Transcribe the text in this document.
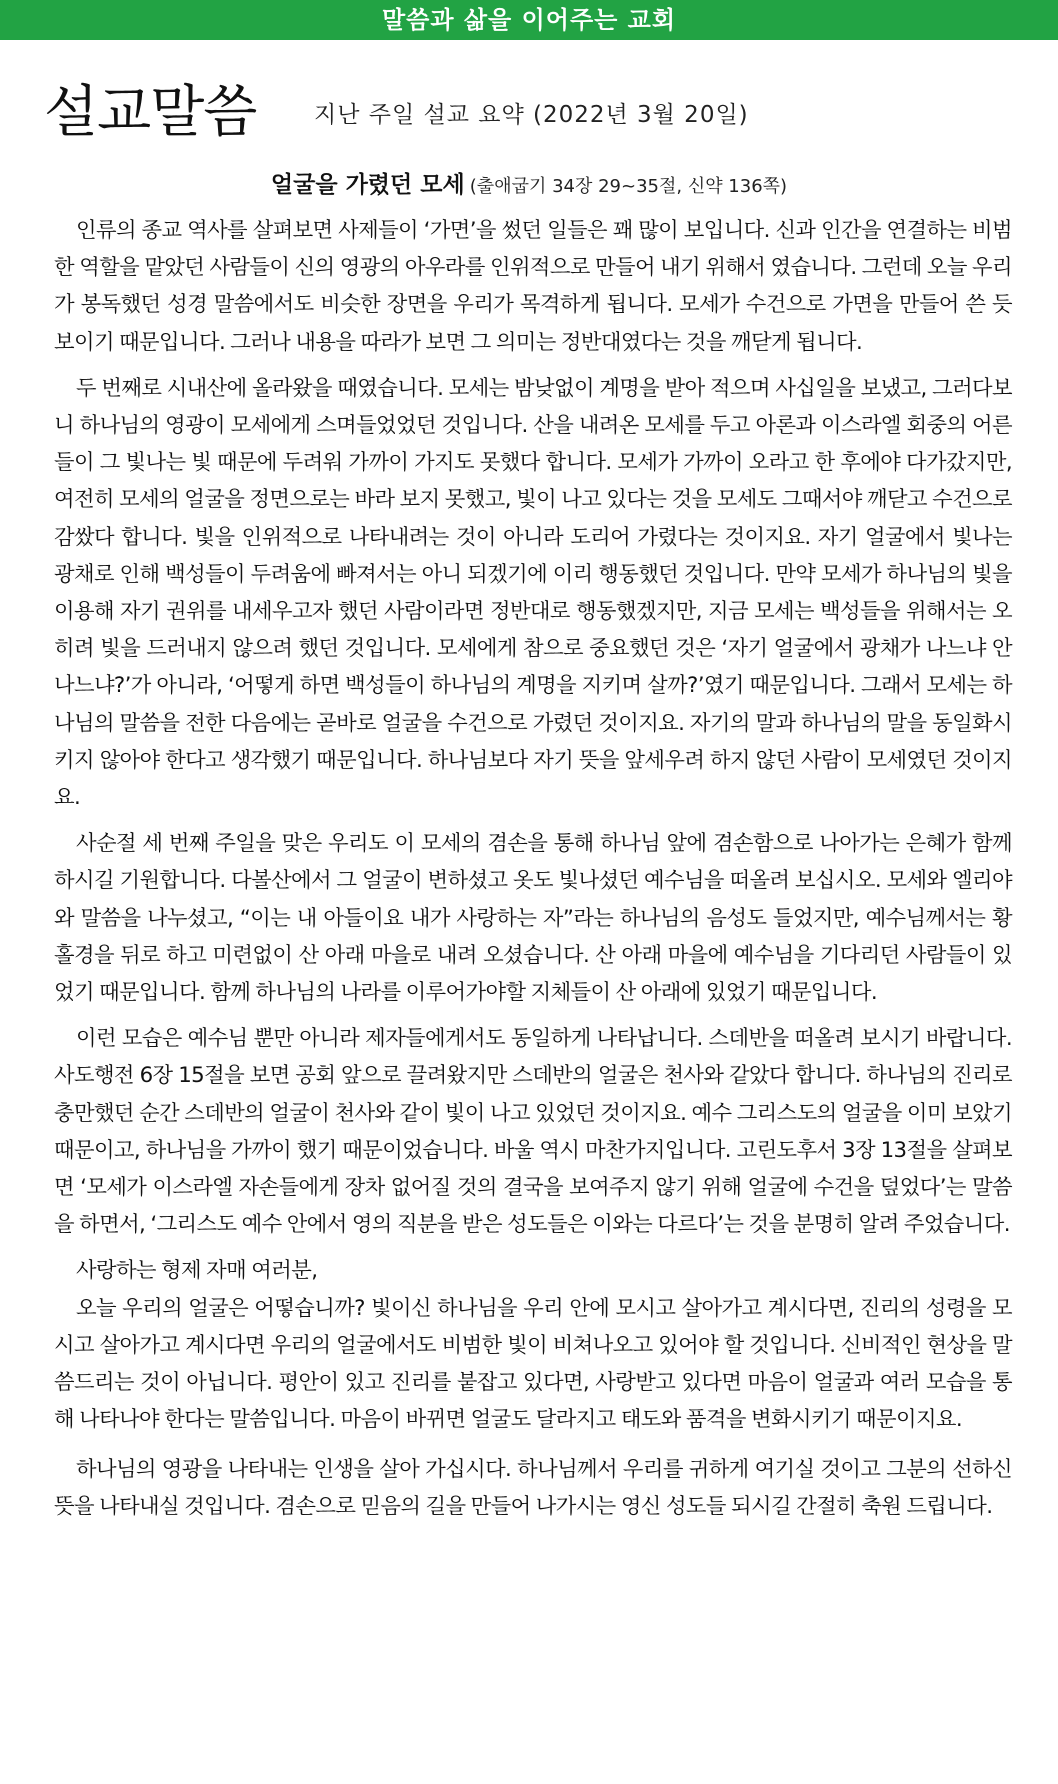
말씀과 삶을 이어주는 교회
설교말씀	지난 주일 설교 요약 (2022년 3월 20일)
얼굴을 가렸던 모세 (출애굽기 34장 29~35절, 신약 136쪽)

인류의 종교 역사를 살펴보면 사제들이 ‘가면’을 썼던 일들은 꽤 많이 보입니다. 신과 인간을 연결하는 비범한 역할을 맡았던 사람들이 신의 영광의 아우라를 인위적으로 만들어 내기 위해서 였습니다. 그런데 오늘 우리가 봉독했던 성경 말씀에서도 비슷한 장면을 우리가 목격하게 됩니다. 모세가 수건으로 가면을 만들어 쓴 듯 보이기 때문입니다. 그러나 내용을 따라가 보면 그 의미는 정반대였다는 것을 깨닫게 됩니다.

두 번째로 시내산에 올라왔을 때였습니다. 모세는 밤낮없이 계명을 받아 적으며 사십일을 보냈고, 그러다보니 하나님의 영광이 모세에게 스며들었었던 것입니다. 산을 내려온 모세를 두고 아론과 이스라엘 회중의 어른들이 그 빛나는 빛 때문에 두려워 가까이 가지도 못했다 합니다. 모세가 가까이 오라고 한 후에야 다가갔지만, 여전히 모세의 얼굴을 정면으로는 바라 보지 못했고, 빛이 나고 있다는 것을 모세도 그때서야 깨닫고 수건으로 감쌌다 합니다. 빛을 인위적으로 나타내려는 것이 아니라 도리어 가렸다는 것이지요. 자기 얼굴에서 빛나는 광채로 인해 백성들이 두려움에 빠져서는 아니 되겠기에 이리 행동했던 것입니다. 만약 모세가 하나님의 빛을 이용해 자기 권위를 내세우고자 했던 사람이라면 정반대로 행동했겠지만, 지금 모세는 백성들을 위해서는 오히려 빛을 드러내지 않으려 했던 것입니다. 모세에게 참으로 중요했던 것은 ‘자기 얼굴에서 광채가 나느냐 안나느냐?’가 아니라, ‘어떻게 하면 백성들이 하나님의 계명을 지키며 살까?’였기 때문입니다. 그래서 모세는 하나님의 말씀을 전한 다음에는 곧바로 얼굴을 수건으로 가렸던 것이지요. 자기의 말과 하나님의 말을 동일화시키지 않아야 한다고 생각했기 때문입니다. 하나님보다 자기 뜻을 앞세우려 하지 않던 사람이 모세였던 것이지요.

사순절 세 번째 주일을 맞은 우리도 이 모세의 겸손을 통해 하나님 앞에 겸손함으로 나아가는 은혜가 함께 하시길 기원합니다. 다볼산에서 그 얼굴이 변하셨고 옷도 빛나셨던 예수님을 떠올려 보십시오. 모세와 엘리야와 말씀을 나누셨고, “이는 내 아들이요 내가 사랑하는 자”라는 하나님의 음성도 들었지만, 예수님께서는 황홀경을 뒤로 하고 미련없이 산 아래 마을로 내려 오셨습니다. 산 아래 마을에 예수님을 기다리던 사람들이 있었기 때문입니다. 함께 하나님의 나라를 이루어가야할 지체들이 산 아래에 있었기 때문입니다.

이런 모습은 예수님 뿐만 아니라 제자들에게서도 동일하게 나타납니다. 스데반을 떠올려 보시기 바랍니다. 사도행전 6장 15절을 보면 공회 앞으로 끌려왔지만 스데반의 얼굴은 천사와 같았다 합니다. 하나님의 진리로 충만했던 순간 스데반의 얼굴이 천사와 같이 빛이 나고 있었던 것이지요. 예수 그리스도의 얼굴을 이미 보았기 때문이고, 하나님을 가까이 했기 때문이었습니다. 바울 역시 마찬가지입니다. 고린도후서 3장 13절을 살펴보면 ‘모세가 이스라엘 자손들에게 장차 없어질 것의 결국을 보여주지 않기 위해 얼굴에 수건을 덮었다’는 말씀을 하면서, ‘그리스도 예수 안에서 영의 직분을 받은 성도들은 이와는 다르다’는 것을 분명히 알려 주었습니다.

사랑하는 형제 자매 여러분,

오늘 우리의 얼굴은 어떻습니까? 빛이신 하나님을 우리 안에 모시고 살아가고 계시다면, 진리의 성령을 모시고 살아가고 계시다면 우리의 얼굴에서도 비범한 빛이 비쳐나오고 있어야 할 것입니다. 신비적인 현상을 말씀드리는 것이 아닙니다. 평안이 있고 진리를 붙잡고 있다면, 사랑받고 있다면 마음이 얼굴과 여러 모습을 통해 나타나야 한다는 말씀입니다. 마음이 바뀌면 얼굴도 달라지고 태도와 품격을 변화시키기 때문이지요.

하나님의 영광을 나타내는 인생을 살아 가십시다. 하나님께서 우리를 귀하게 여기실 것이고 그분의 선하신 뜻을 나타내실 것입니다. 겸손으로 믿음의 길을 만들어 나가시는 영신 성도들 되시길 간절히 축원 드립니다.
